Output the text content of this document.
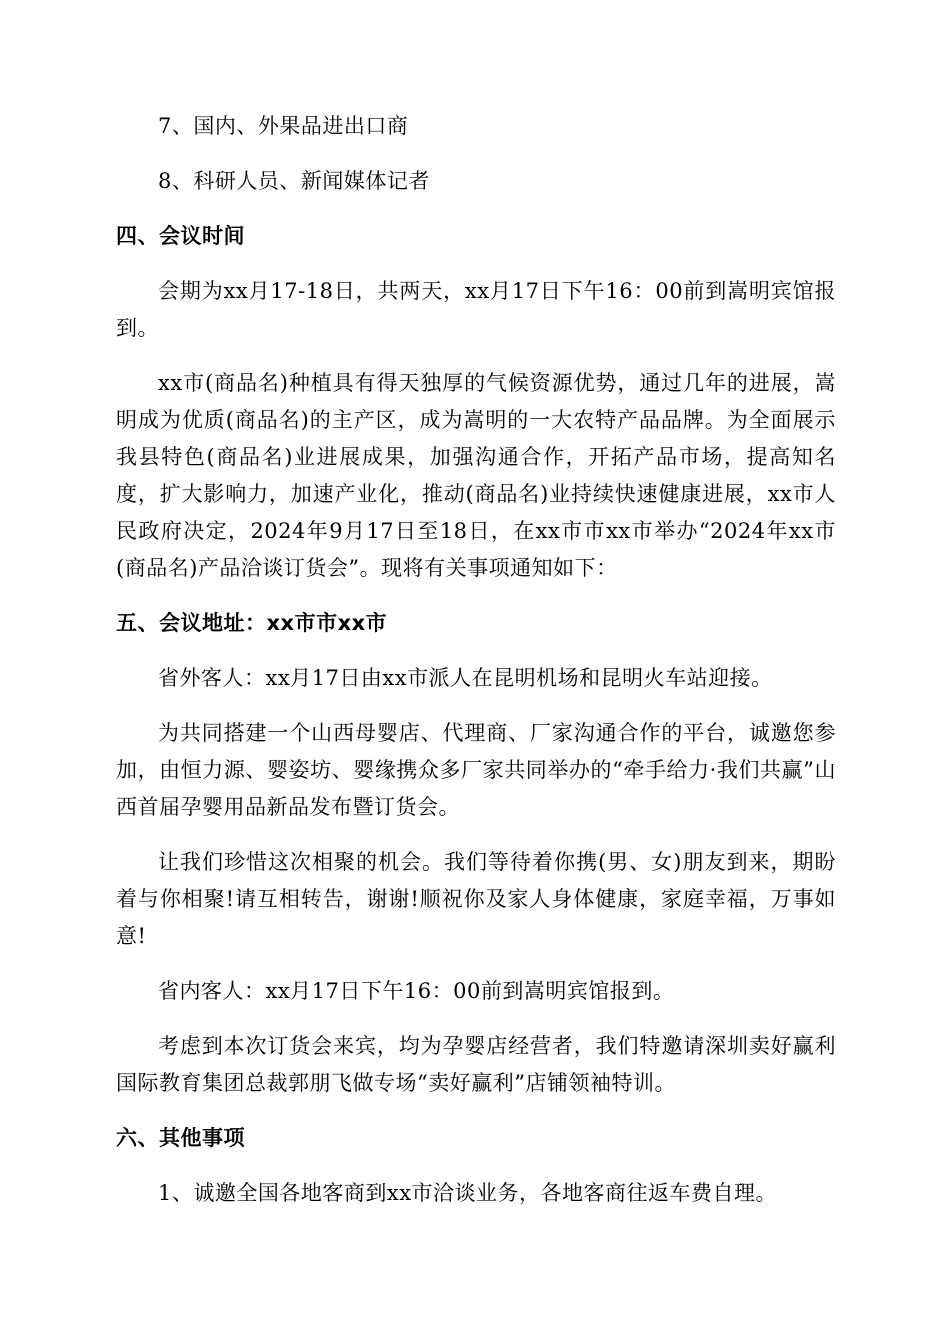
7、国内、外果品进出口商

8、科研人员、新闻媒体记者

四、会议时间

会期为xx月17-18日，共两天，xx月17日下午16：00前到嵩明宾馆报到。

xx市(商品名)种植具有得天独厚的气候资源优势，通过几年的进展，嵩明成为优质(商品名)的主产区，成为嵩明的一大农特产品品牌。为全面展示我县特色(商品名)业进展成果，加强沟通合作，开拓产品市场，提高知名度，扩大影响力，加速产业化，推动(商品名)业持续快速健康进展，xx市人民政府决定，2024年9月17日至18日，在xx市市xx市举办“2024年xx市(商品名)产品洽谈订货会”。现将有关事项通知如下：

五、会议地址：xx市市xx市

省外客人：xx月17日由xx市派人在昆明机场和昆明火车站迎接。

为共同搭建一个山西母婴店、代理商、厂家沟通合作的平台，诚邀您参加，由恒力源、婴姿坊、婴缘携众多厂家共同举办的“牵手给力·我们共赢”山西首届孕婴用品新品发布暨订货会。

让我们珍惜这次相聚的机会。我们等待着你携(男、女)朋友到来，期盼着与你相聚!请互相转告，谢谢!顺祝你及家人身体健康，家庭幸福，万事如意!

省内客人：xx月17日下午16：00前到嵩明宾馆报到。

考虑到本次订货会来宾，均为孕婴店经营者，我们特邀请深圳卖好赢利国际教育集团总裁郭朋飞做专场“卖好赢利”店铺领袖特训。

六、其他事项

1、诚邀全国各地客商到xx市洽谈业务，各地客商往返车费自理。
